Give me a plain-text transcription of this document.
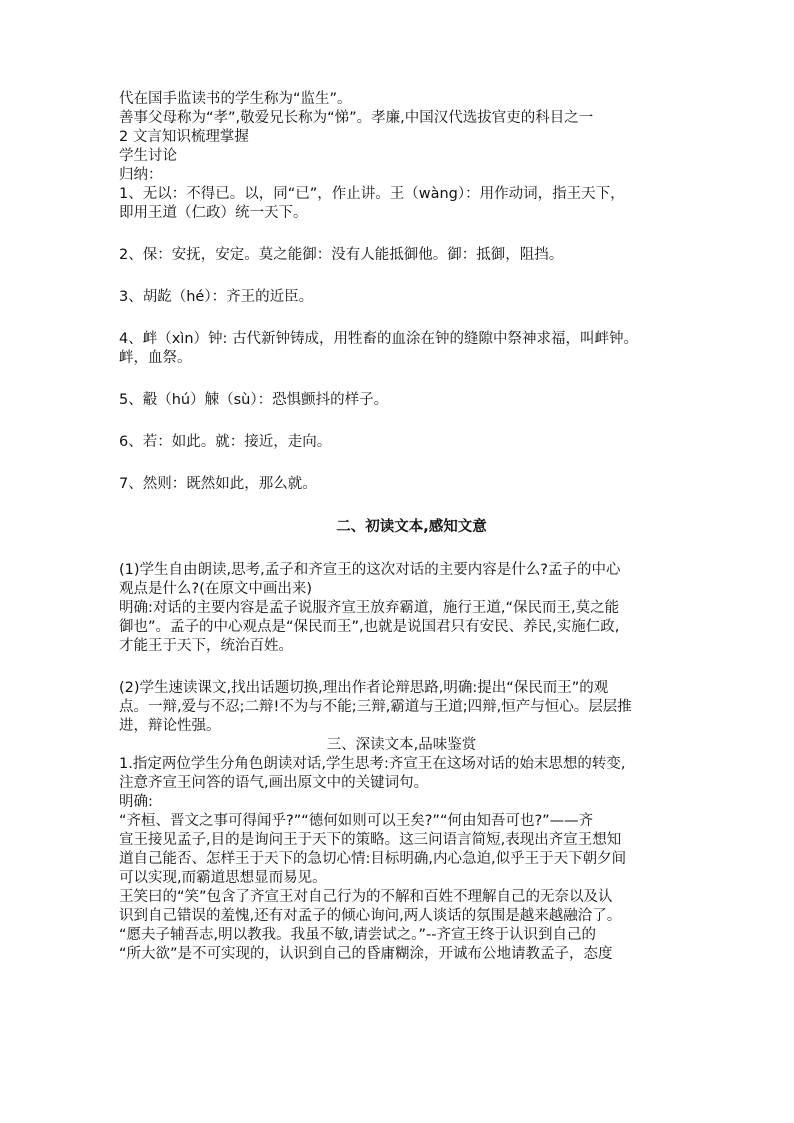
代在国手监读书的学生称为“监生”。
善事父母称为“孝”,敬爱兄长称为“悌”。孝廉,中国汉代选拔官吏的科目之一
2 文言知识梳理掌握
学生讨论
归纳：
1、无以：不得已。以，同“已”，作止讲。王（wàng）：用作动词，指王天下，
即用王道（仁政）统一天下。
2、保：安抚，安定。莫之能御：没有人能抵御他。御：抵御，阻挡。
3、胡龁（hé）：齐王的近臣。
4、衅（xìn）钟: 古代新钟铸成，用牲畜的血涂在钟的缝隙中祭神求福，叫衅钟。
衅，血祭。
5、觳（hú）觫（sù）：恐惧颤抖的样子。
6、若：如此。就：接近，走向。
7、然则：既然如此，那么就。
二、初读文本,感知文意
(1)学生自由朗读,思考,孟子和齐宣王的这次对话的主要内容是什么?孟子的中心
观点是什么?(在原文中画出来)
明确:对话的主要内容是孟子说服齐宣王放弃霸道，施行王道,“保民而王,莫之能
御也”。孟子的中心观点是“保民而王”,也就是说国君只有安民、养民,实施仁政,
才能王于天下，统治百姓。
(2)学生速读课文,找出话题切换,理出作者论辩思路,明确:提出“保民而王”的观
点。一辩,爱与不忍;二辩!不为与不能;三辩,霸道与王道;四辩,恒产与恒心。层层推
进，辩论性强。
三、深读文本,品味鉴赏
1.指定两位学生分角色朗读对话,学生思考:齐宣王在这场对话的始末思想的转变,
注意齐宣王问答的语气,画出原文中的关键词句。
明确:
“齐桓、晋文之事可得闻乎?”“德何如则可以王矣?”“何由知吾可也?”——齐
宣王接见孟子,目的是询问王于天下的策略。这三问语言简短,表现出齐宣王想知
道自己能否、怎样王于天下的急切心情:目标明确,内心急迫,似乎王于天下朝夕间
可以实现,而霸道思想显而易见。
王笑曰的“笑”包含了齐宣王对自己行为的不解和百姓不理解自己的无奈以及认
识到自己错误的羞愧,还有对孟子的倾心询问,两人谈话的氛围是越来越融洽了。
“愿夫子辅吾志,明以教我。我虽不敏,请尝试之。”--齐宣王终于认识到自己的
“所大欲”是不可实现的，认识到自己的昏庸糊涂，开诚布公地请教孟子，态度
